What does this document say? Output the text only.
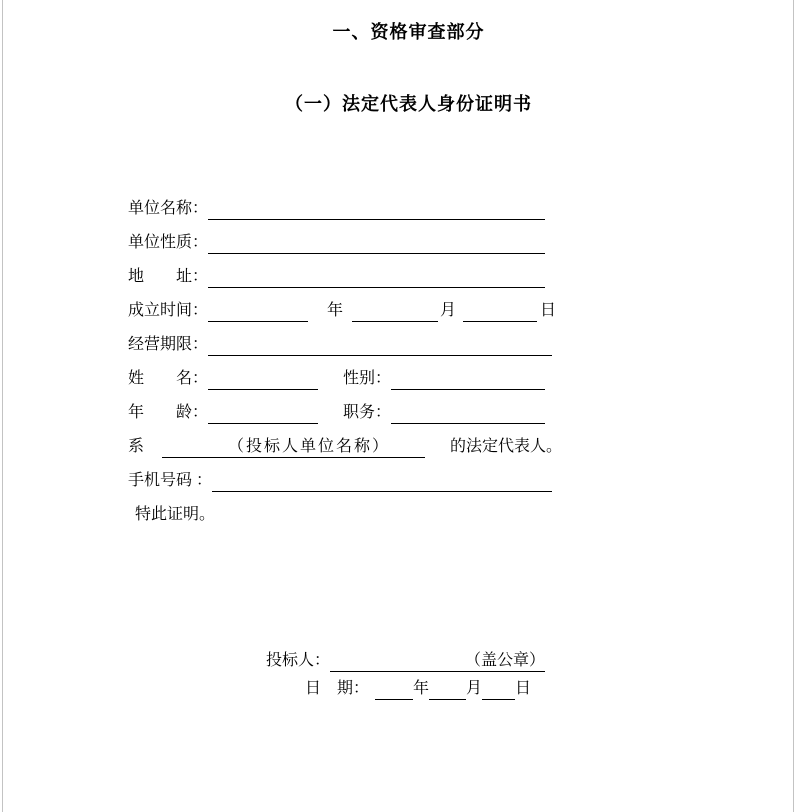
一、资格审查部分
（一）法定代表人身份证明书
单位名称：
单位性质：
地　　址：
成立时间：	年	月	日
经营期限：
姓　　名：	性别：
年　　龄：	职务：
系	（投标人单位名称）	的法定代表人。
手机号码 ：
特此证明。
投标人：	（盖公章）
日　期：	年 月 日
